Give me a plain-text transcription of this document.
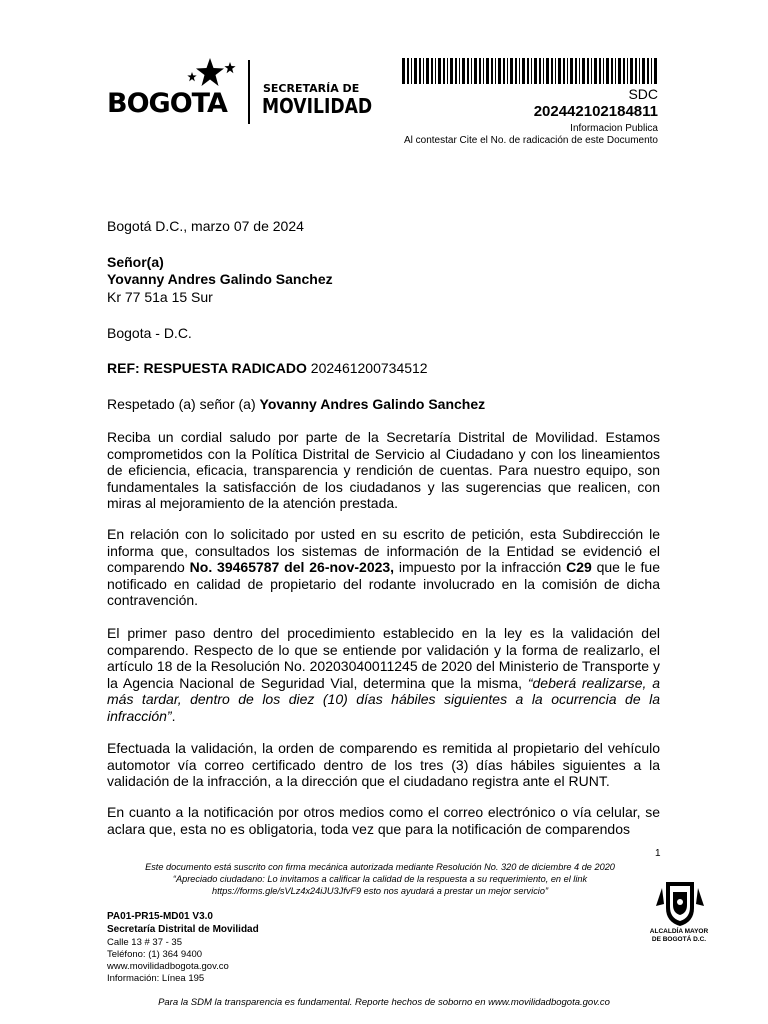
BOGOTA	SECRETARÍA DE
MOVILIDAD	SDC
202442102184811
Informacion Publica
Al contestar Cite el No. de radicación de este Documento
Bogotá D.C., marzo 07 de 2024
Señor(a)
Yovanny Andres Galindo Sanchez
Kr 77 51a 15 Sur
Bogota - D.C.
REF: RESPUESTA RADICADO 202461200734512
Respetado (a) señor (a) Yovanny Andres Galindo Sanchez
Reciba un cordial saludo por parte de la Secretaría Distrital de Movilidad. Estamos comprometidos con la Política Distrital de Servicio al Ciudadano y con los lineamientos de eficiencia, eficacia, transparencia y rendición de cuentas. Para nuestro equipo, son fundamentales la satisfacción de los ciudadanos y las sugerencias que realicen, con miras al mejoramiento de la atención prestada.
En relación con lo solicitado por usted en su escrito de petición, esta Subdirección le informa que, consultados los sistemas de información de la Entidad se evidenció el comparendo No. 39465787 del 26-nov-2023, impuesto por la infracción C29 que le fue notificado en calidad de propietario del rodante involucrado en la comisión de dicha contravención.
El primer paso dentro del procedimiento establecido en la ley es la validación del comparendo. Respecto de lo que se entiende por validación y la forma de realizarlo, el artículo 18 de la Resolución No. 20203040011245 de 2020 del Ministerio de Transporte y la Agencia Nacional de Seguridad Vial, determina que la misma, “deberá realizarse, a más tardar, dentro de los diez (10) días hábiles siguientes a la ocurrencia de la infracción”.
Efectuada la validación, la orden de comparendo es remitida al propietario del vehículo automotor vía correo certificado dentro de los tres (3) días hábiles siguientes a la validación de la infracción, a la dirección que el ciudadano registra ante el RUNT.
En cuanto a la notificación por otros medios como el correo electrónico o vía celular, se aclara que, esta no es obligatoria, toda vez que para la notificación de comparendos
1
Este documento está suscrito con firma mecánica autorizada mediante Resolución No. 320 de diciembre 4 de 2020
“Apreciado ciudadano: Lo invitamos a calificar la calidad de la respuesta a su requerimiento, en el link
https://forms.gle/sVLz4x24iJU3JfvF9 esto nos ayudará a prestar un mejor servicio”
PA01-PR15-MD01 V3.0
Secretaría Distrital de Movilidad
Calle 13 # 37 - 35
Teléfono: (1) 364 9400
www.movilidadbogota.gov.co
Información: Línea 195
ALCALDÍA MAYOR
DE BOGOTÁ D.C.
Para la SDM la transparencia es fundamental. Reporte hechos de soborno en www.movilidadbogota.gov.co
